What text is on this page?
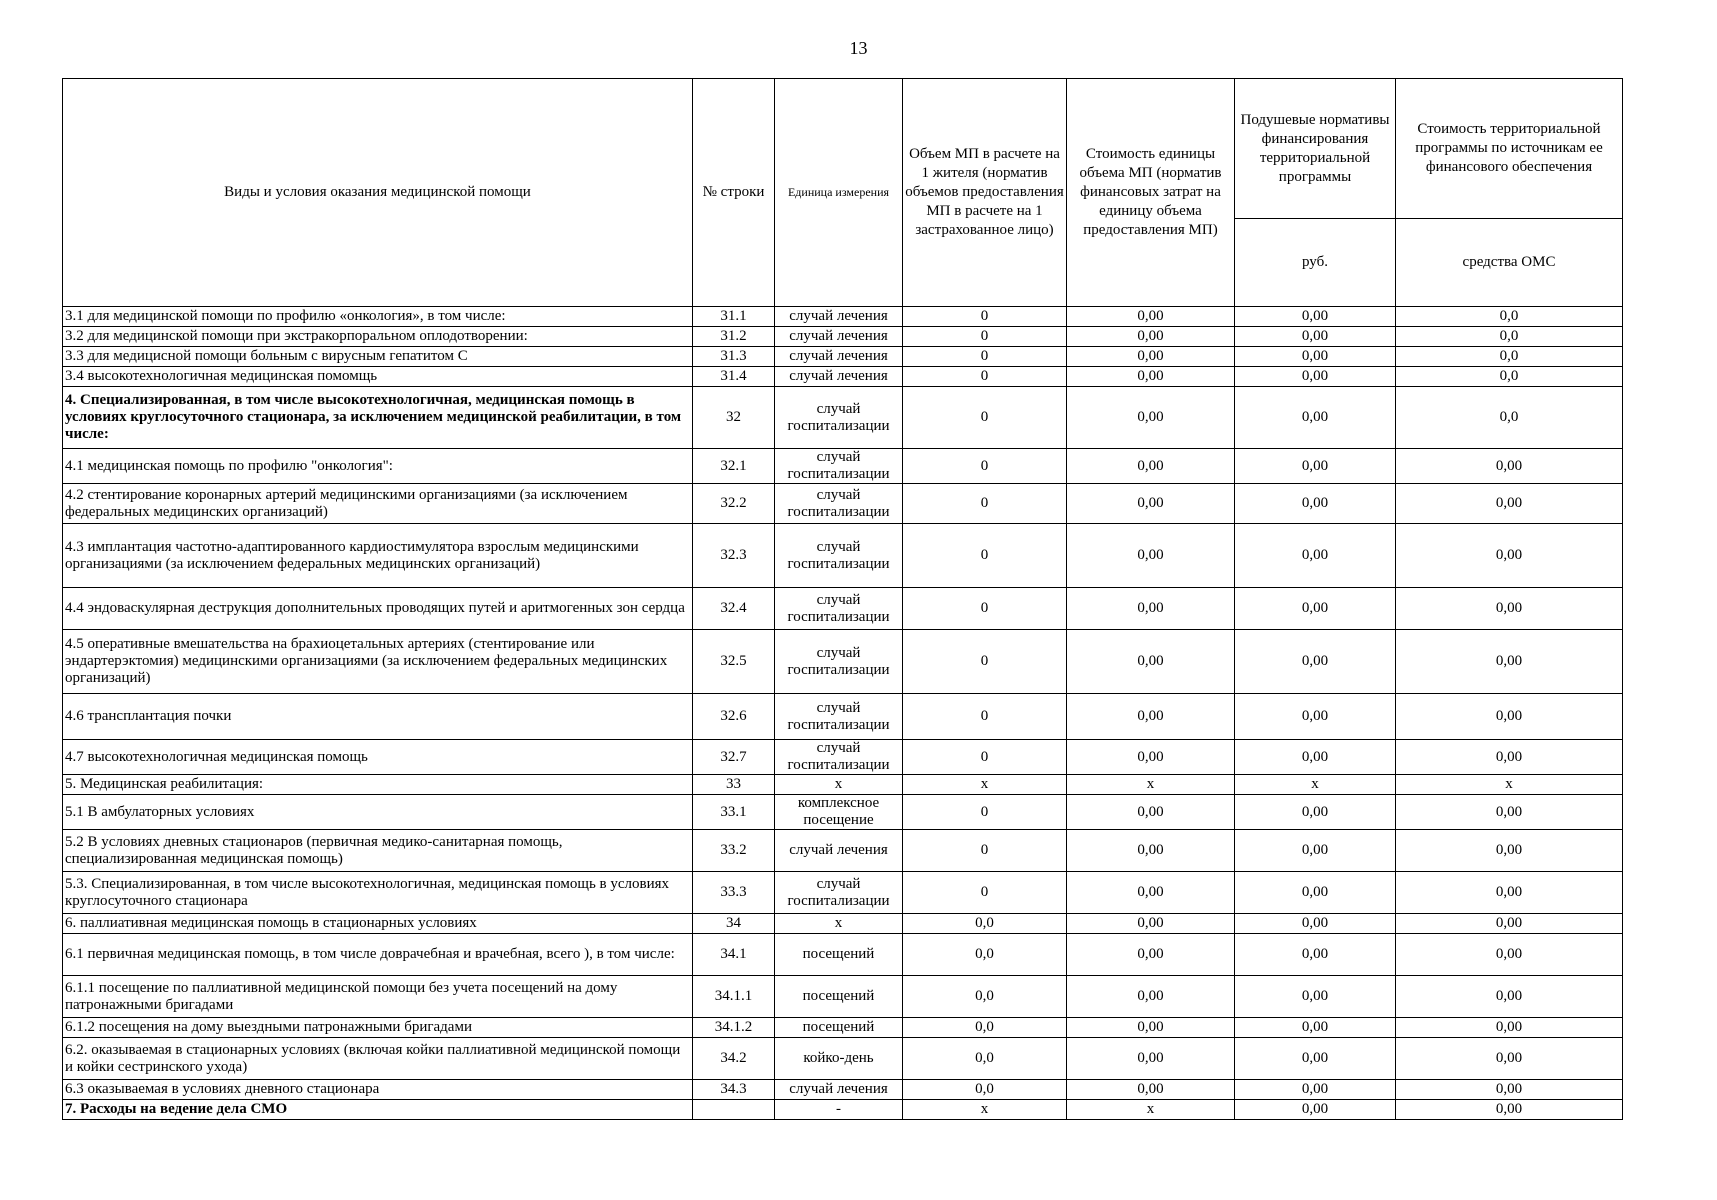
13
Виды и условия оказания медицинской помощи	№ строки	Единица измерения	Объем МП в расчете на 1 жителя (норматив объемов предоставления МП в расчете на 1 застрахованное лицо)	Стоимость единицы объема МП (норматив финансовых затрат на единицу объема предоставления МП)	Подушевые нормативы финансирования территориальной программы	Стоимость территориальной программы по источникам ее финансового обеспечения
					руб.	средства ОМС
3.1 для медицинской помощи по профилю «онкология», в том числе:	31.1	случай лечения	0	0,00	0,00	0,0
3.2 для медицинской помощи при экстракорпоральном оплодотворении:	31.2	случай лечения	0	0,00	0,00	0,0
3.3 для медицисной помощи больным с вирусным гепатитом С	31.3	случай лечения	0	0,00	0,00	0,0
3.4 высокотехнологичная медицинская помомщь	31.4	случай лечения	0	0,00	0,00	0,0
4. Специализированная, в том числе высокотехнологичная, медицинская помощь в условиях круглосуточного стационара, за исключением медицинской реабилитации, в том числе:	32	случай госпитализации	0	0,00	0,00	0,0
4.1 медицинская помощь по профилю "онкология":	32.1	случай госпитализации	0	0,00	0,00	0,00
4.2 стентирование коронарных артерий медицинскими организациями (за исключением федеральных медицинских организаций)	32.2	случай госпитализации	0	0,00	0,00	0,00
4.3 имплантация частотно-адаптированного кардиостимулятора взрослым медицинскими организациями (за исключением федеральных медицинских организаций)	32.3	случай госпитализации	0	0,00	0,00	0,00
4.4 эндоваскулярная деструкция дополнительных проводящих путей и аритмогенных зон сердца	32.4	случай госпитализации	0	0,00	0,00	0,00
4.5 оперативные вмешательства на брахиоцетальных артериях (стентирование или эндартерэктомия) медицинскими организациями (за исключением федеральных медицинских организаций)	32.5	случай госпитализации	0	0,00	0,00	0,00
4.6 трансплантация почки	32.6	случай госпитализации	0	0,00	0,00	0,00
4.7 высокотехнологичная медицинская помощь	32.7	случай госпитализации	0	0,00	0,00	0,00
5. Медицинская реабилитация:	33	х	х	х	х	х
5.1 В амбулаторных условиях	33.1	комплексное посещение	0	0,00	0,00	0,00
5.2 В условиях дневных стационаров (первичная медико-санитарная помощь, специализированная медицинская помощь)	33.2	случай лечения	0	0,00	0,00	0,00
5.3. Специализированная, в том числе высокотехнологичная, медицинская помощь в условиях круглосуточного стационара	33.3	случай госпитализации	0	0,00	0,00	0,00
6. паллиативная медицинская помощь в стационарных условиях	34	х	0,0	0,00	0,00	0,00
6.1 первичная медицинская помощь, в том числе доврачебная и врачебная, всего ), в том числе:	34.1	посещений	0,0	0,00	0,00	0,00
6.1.1 посещение по паллиативной медицинской помощи без учета посещений на дому патронажными бригадами	34.1.1	посещений	0,0	0,00	0,00	0,00
6.1.2 посещения на дому выездными патронажными бригадами	34.1.2	посещений	0,0	0,00	0,00	0,00
6.2. оказываемая в стационарных условиях (включая койки паллиативной медицинской помощи и койки сестринского ухода)	34.2	койко-день	0,0	0,00	0,00	0,00
6.3 оказываемая в условиях дневного стационара	34.3	случай лечения	0,0	0,00	0,00	0,00
7. Расходы на ведение дела СМО		-	х	х	0,00	0,00
